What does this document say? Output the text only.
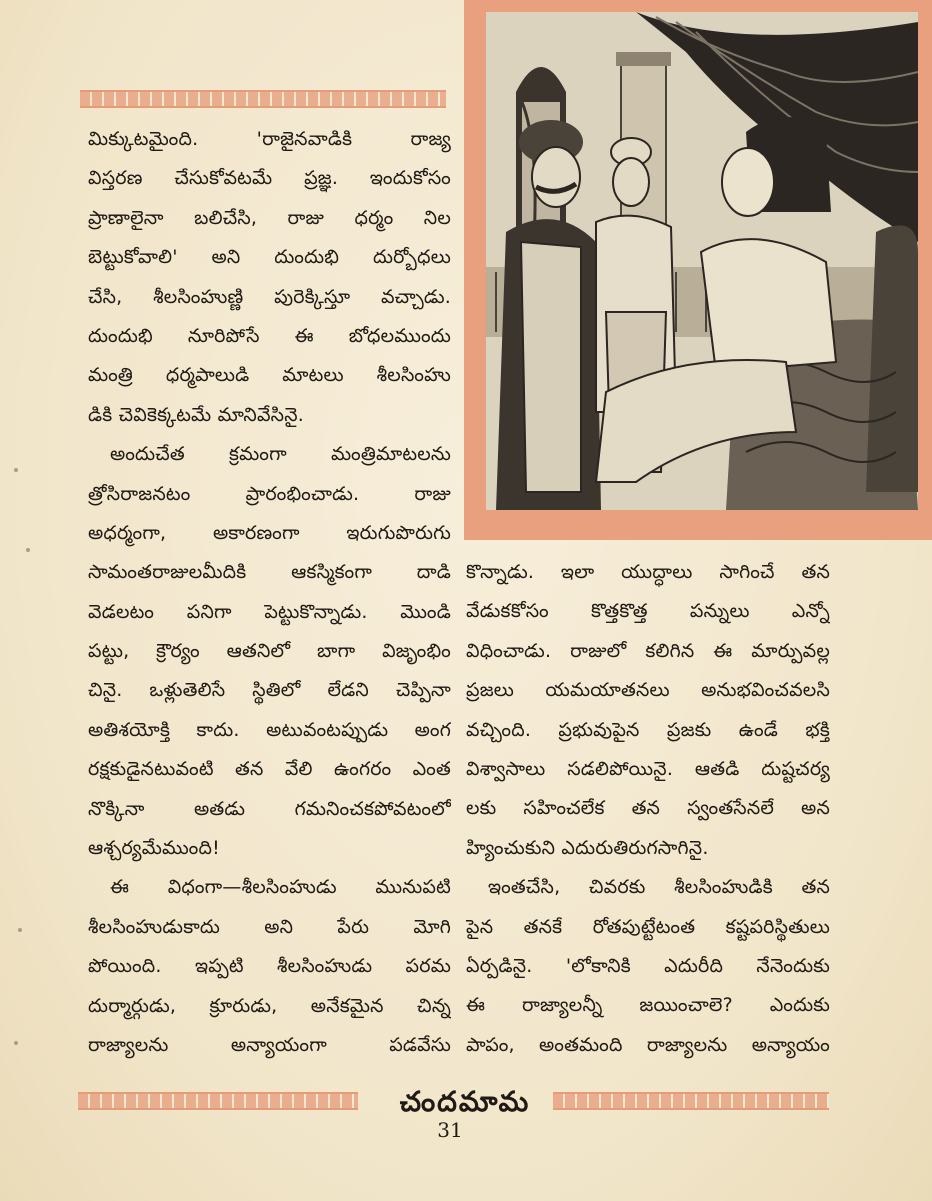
మిక్కుటమైంది. 'రాజైనవాడికి రాజ్య
విస్తరణ చేసుకోవటమే ప్రజ్ఞ. ఇందుకోసం
ప్రాణాలైనా బలిచేసి, రాజు ధర్మం నిల
బెట్టుకోవాలి' అని దుందుభి దుర్బోధలు
చేసి, శీలసింహుణ్ణి పురెక్కిస్తూ వచ్చాడు.
దుందుభి నూరిపోసే ఈ బోధలముందు
మంత్రి ధర్మపాలుడి మాటలు శీలసింహు
డికి చెవికెక్కటమే మానివేసినై.
అందుచేత క్రమంగా మంత్రిమాటలను
త్రోసిరాజనటం ప్రారంభించాడు. రాజు
అధర్మంగా, అకారణంగా ఇరుగుపొరుగు
సామంతరాజులమీదికి ఆకస్మికంగా దాడి
వెడలటం పనిగా పెట్టుకొన్నాడు. మొండి
పట్టు, క్రౌర్యం ఆతనిలో బాగా విజృంభిం
చినై. ఒళ్లుతెలిసే స్థితిలో లేడని చెప్పినా
అతిశయోక్తి కాదు. అటువంటప్పుడు అంగ
రక్షకుడైనటువంటి తన వేలి ఉంగరం ఎంత
నొక్కినా అతడు గమనించకపోవటంలో
ఆశ్చర్యమేముంది!
ఈ విధంగా—శీలసింహుడు మునుపటి
శీలసింహుడుకాదు అని పేరు మోగి
పోయింది. ఇప్పటి శీలసింహుడు పరమ
దుర్మార్గుడు, క్రూరుడు, అనేకమైన చిన్న
రాజ్యాలను అన్యాయంగా పడవేసు
కొన్నాడు. ఇలా యుద్ధాలు సాగించే తన
వేడుకకోసం కొత్తకొత్త పన్నులు ఎన్నో
విధించాడు. రాజులో కలిగిన ఈ మార్పువల్ల
ప్రజలు యమయాతనలు అనుభవించవలసి
వచ్చింది. ప్రభువుపైన ప్రజకు ఉండే భక్తి
విశ్వాసాలు సడలిపోయినై. ఆతడి దుష్టచర్య
లకు సహించలేక తన స్వంతసేనలే అన
హ్యించుకుని ఎదురుతిరుగసాగినై.
ఇంతచేసి, చివరకు శీలసింహుడికి తన
పైన తనకే రోతపుట్టేటంత కష్టపరిస్థితులు
ఏర్పడినై. 'లోకానికి ఎదురీది నేనెందుకు
ఈ రాజ్యాలన్నీ జయించాలె? ఎందుకు
పాపం, అంతమంది రాజ్యాలను అన్యాయం
చందమామ
31
